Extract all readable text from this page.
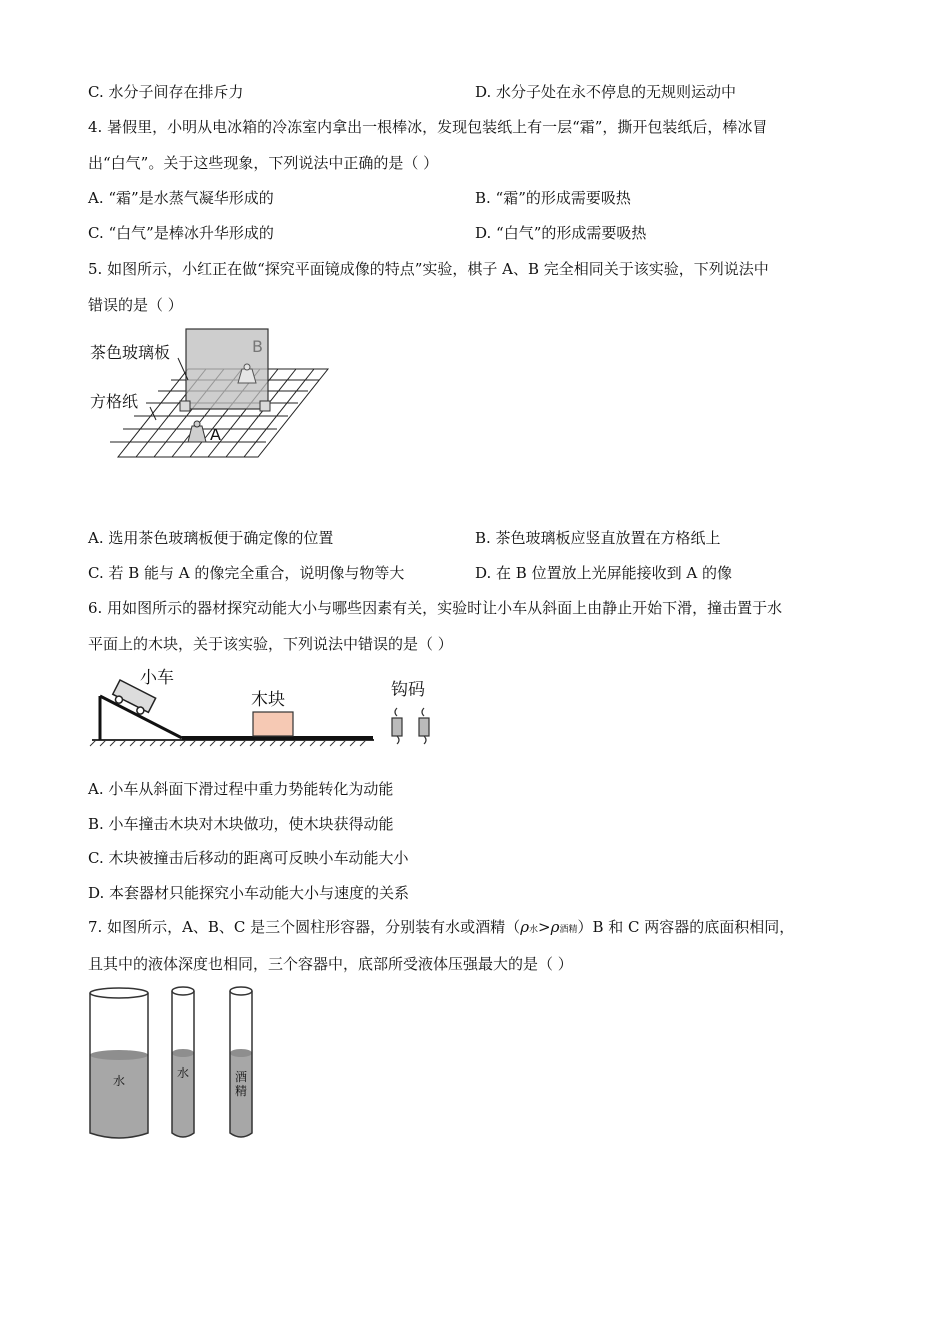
C. 水分子间存在排斥力	D. 水分子处在永不停息的无规则运动中
4. 暑假里，小明从电冰箱的冷冻室内拿出一根棒冰，发现包装纸上有一层“霜”，撕开包装纸后，棒冰冒
出“白气”。关于这些现象，下列说法中正确的是（ ）
A. “霜”是水蒸气凝华形成的	B. “霜”的形成需要吸热
C. “白气”是棒冰升华形成的	D. “白气”的形成需要吸热
5. 如图所示，小红正在做“探究平面镜成像的特点”实验，棋子 A、B 完全相同关于该实验，下列说法中
错误的是（ ）
茶色玻璃板
方格纸
A
B
A. 选用茶色玻璃板便于确定像的位置	B. 茶色玻璃板应竖直放置在方格纸上
C. 若 B 能与 A 的像完全重合，说明像与物等大	D. 在 B 位置放上光屏能接收到 A 的像
6. 用如图所示的器材探究动能大小与哪些因素有关，实验时让小车从斜面上由静止开始下滑，撞击置于水
平面上的木块，关于该实验，下列说法中错误的是（ ）
小车
木块	钩码
A. 小车从斜面下滑过程中重力势能转化为动能
B. 小车撞击木块对木块做功，使木块获得动能
C. 木块被撞击后移动的距离可反映小车动能大小
D. 本套器材只能探究小车动能大小与速度的关系
7. 如图所示，A、B、C 是三个圆柱形容器，分别装有水或酒精（ρ水>ρ酒精）B 和 C 两容器的底面积相同，
且其中的液体深度也相同，三个容器中，底部所受液体压强最大的是（ ）
水
水	酒
精
